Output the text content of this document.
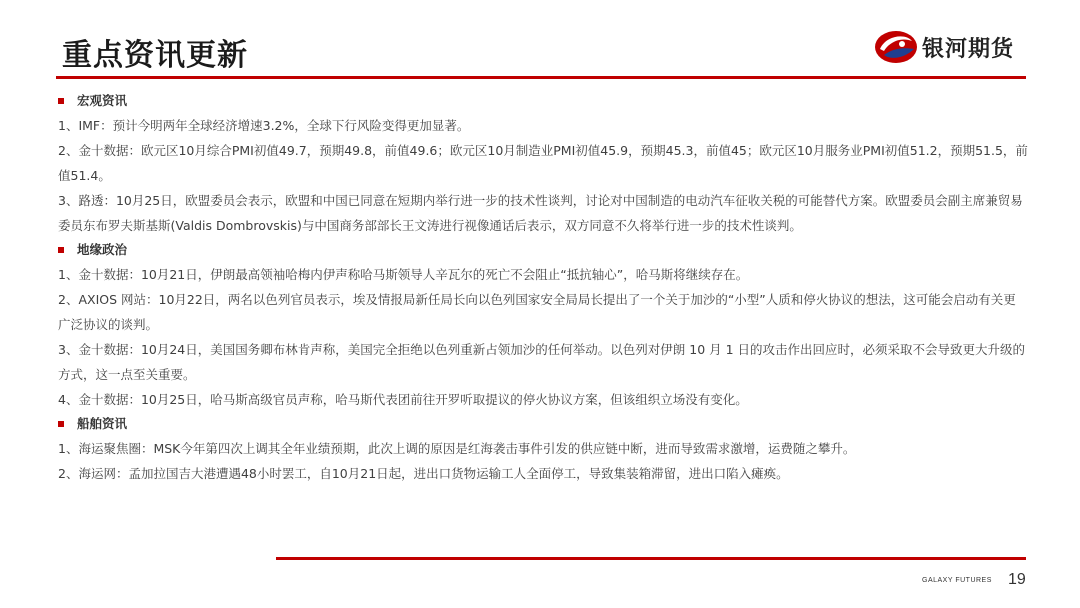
重点资讯更新	银河期货
宏观资讯
1、IMF：预计今明两年全球经济增速3.2%，全球下行风险变得更加显著。
2、金十数据：欧元区10月综合PMI初值49.7，预期49.8，前值49.6；欧元区10月制造业PMI初值45.9，预期45.3，前值45；欧元区10月服务业PMI初值51.2，预期51.5，前值51.4。
3、路透：10月25日，欧盟委员会表示，欧盟和中国已同意在短期内举行进一步的技术性谈判，讨论对中国制造的电动汽车征收关税的可能替代方案。欧盟委员会副主席兼贸易委员东布罗夫斯基斯(Valdis Dombrovskis)与中国商务部部长王文涛进行视像通话后表示，双方同意不久将举行进一步的技术性谈判。
地缘政治
1、金十数据：10月21日，伊朗最高领袖哈梅内伊声称哈马斯领导人辛瓦尔的死亡不会阻止“抵抗轴心”，哈马斯将继续存在。
2、AXIOS 网站：10月22日，两名以色列官员表示，埃及情报局新任局长向以色列国家安全局局长提出了一个关于加沙的“小型”人质和停火协议的想法，这可能会启动有关更广泛协议的谈判。
3、金十数据：10月24日，美国国务卿布林肯声称，美国完全拒绝以色列重新占领加沙的任何举动。以色列对伊朗 10 月 1 日的攻击作出回应时，必须采取不会导致更大升级的方式，这一点至关重要。
4、金十数据：10月25日，哈马斯高级官员声称，哈马斯代表团前往开罗听取提议的停火协议方案，但该组织立场没有变化。
船舶资讯
1、海运聚焦圈：MSK今年第四次上调其全年业绩预期，此次上调的原因是红海袭击事件引发的供应链中断，进而导致需求激增，运费随之攀升。
2、海运网：孟加拉国吉大港遭遇48小时罢工，自10月21日起，进出口货物运输工人全面停工，导致集装箱滞留，进出口陷入瘫痪。
GALAXY FUTURES 19
